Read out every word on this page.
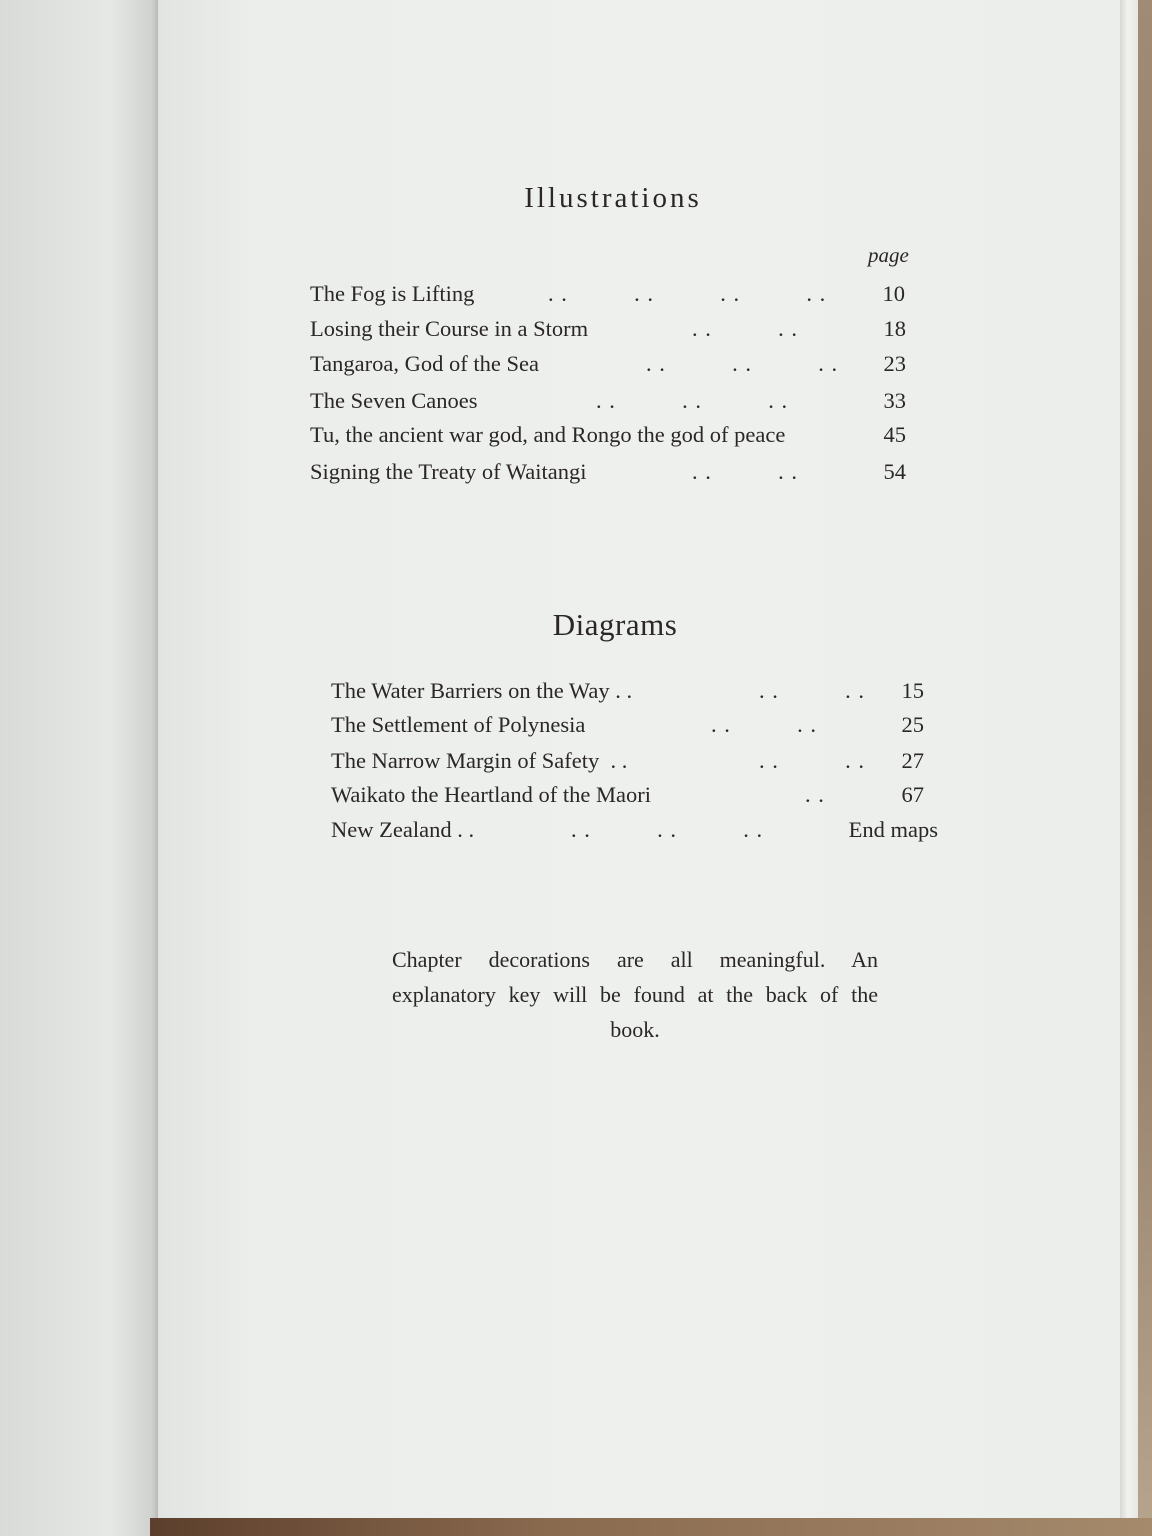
Illustrations
page
The Fog is Lifting	. .          . .          . .          . .	10
Losing their Course in a Storm	. .          . .	18
Tangaroa, God of the Sea	. .          . .          . . 23
The Seven Canoes	. .          . .          . .	33
Tu, the ancient war god, and Rongo the god of peace	45
Signing the Treaty of Waitangi	. .          . .	54
Diagrams
The Water Barriers on the Way . .	. .          . . 15
The Settlement of Polynesia	. .          . .	25
The Narrow Margin of Safety  . .	. .          . . 27
Waikato the Heartland of the Maori	. .	67
New Zealand . .	. .          . .          . .	End maps

Chapter decorations are all meaningful. An explanatory key will be found at the back of the book.
